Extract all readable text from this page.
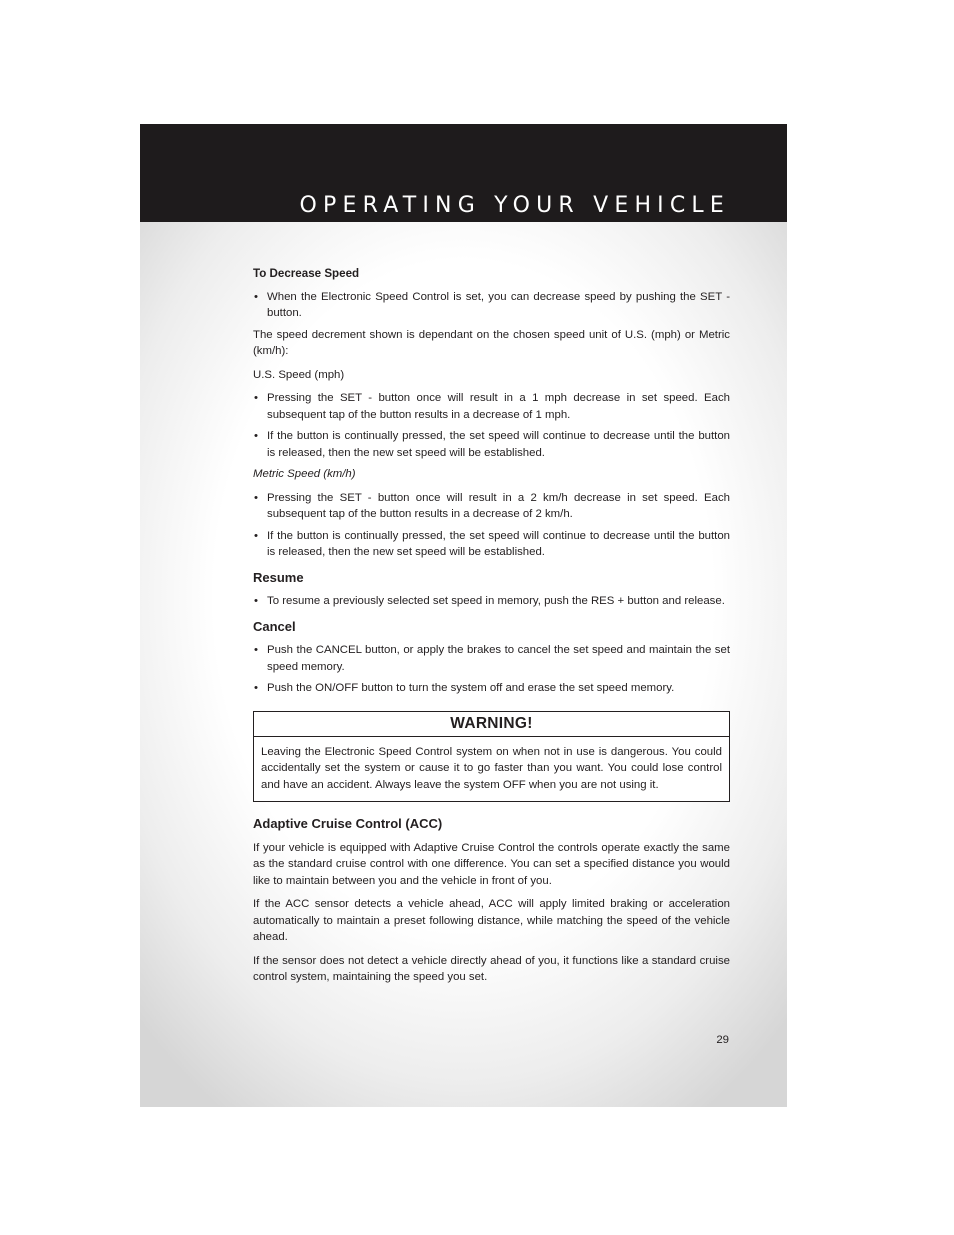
OPERATING YOUR VEHICLE

To Decrease Speed

• When the Electronic Speed Control is set, you can decrease speed by pushing the SET - button.

The speed decrement shown is dependant on the chosen speed unit of U.S. (mph) or Metric (km/h):

U.S. Speed (mph)

• Pressing the SET - button once will result in a 1 mph decrease in set speed. Each subsequent tap of the button results in a decrease of 1 mph.
• If the button is continually pressed, the set speed will continue to decrease until the button is released, then the new set speed will be established.

Metric Speed (km/h)

• Pressing the SET - button once will result in a 2 km/h decrease in set speed. Each subsequent tap of the button results in a decrease of 2 km/h.
• If the button is continually pressed, the set speed will continue to decrease until the button is released, then the new set speed will be established.

Resume

• To resume a previously selected set speed in memory, push the RES + button and release.

Cancel

• Push the CANCEL button, or apply the brakes to cancel the set speed and maintain the set speed memory.
• Push the ON/OFF button to turn the system off and erase the set speed memory.
WARNING!
Leaving the Electronic Speed Control system on when not in use is dangerous. You could accidentally set the system or cause it to go faster than you want. You could lose control and have an accident. Always leave the system OFF when you are not using it.

Adaptive Cruise Control (ACC)

If your vehicle is equipped with Adaptive Cruise Control the controls operate exactly the same as the standard cruise control with one difference. You can set a specified distance you would like to maintain between you and the vehicle in front of you.

If the ACC sensor detects a vehicle ahead, ACC will apply limited braking or acceleration automatically to maintain a preset following distance, while matching the speed of the vehicle ahead.

If the sensor does not detect a vehicle directly ahead of you, it functions like a standard cruise control system, maintaining the speed you set.

29
